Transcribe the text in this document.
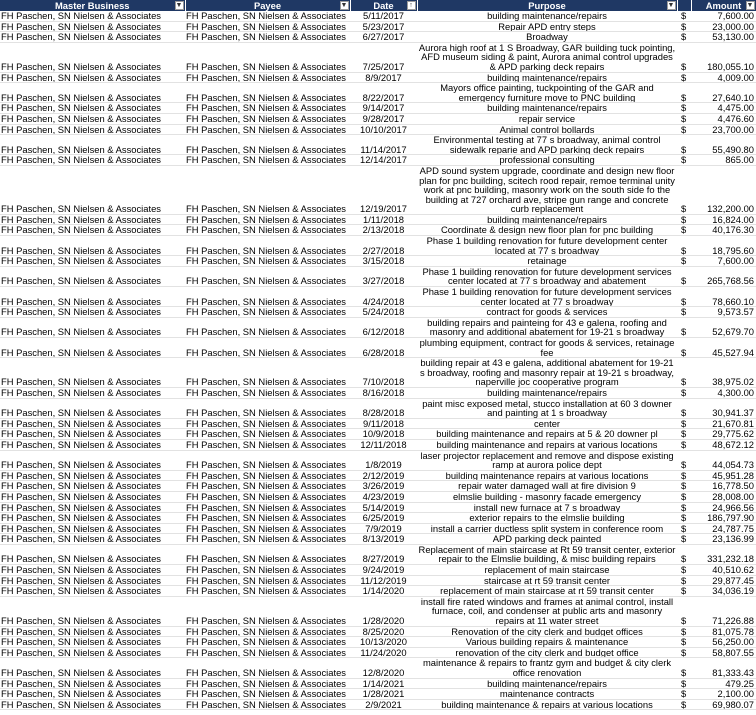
Master Business ▼	Payee ▼	Date ↑	Purpose ▼		Amount ▼

FH Paschen, SN Nielsen & Associates	FH Paschen, SN Nielsen & Associates	5/11/2017	building maintenance/repairs	$	7,600.00
FH Paschen, SN Nielsen & Associates	FH Paschen, SN Nielsen & Associates	5/23/2017	Repair APD entry steps	$	23,000.00
FH Paschen, SN Nielsen & Associates	FH Paschen, SN Nielsen & Associates	6/27/2017	Broadway	$	53,130.00
FH Paschen, SN Nielsen & Associates	FH Paschen, SN Nielsen & Associates	7/25/2017	Aurora high roof at 1 S Broadway, GAR building tuck pointing, AFD museum siding & paint, Aurora animal control upgrades & APD parking deck repairs	$	180,055.10
FH Paschen, SN Nielsen & Associates	FH Paschen, SN Nielsen & Associates	8/9/2017	building maintenance/repairs	$	4,009.00
FH Paschen, SN Nielsen & Associates	FH Paschen, SN Nielsen & Associates	8/22/2017	Mayors office painting, tuckpointing of the GAR and emergency furniture move to PNC building	$	27,640.10
FH Paschen, SN Nielsen & Associates	FH Paschen, SN Nielsen & Associates	9/14/2017	building maintenance/repairs	$	4,475.00
FH Paschen, SN Nielsen & Associates	FH Paschen, SN Nielsen & Associates	9/28/2017	repair service	$	4,476.60
FH Paschen, SN Nielsen & Associates	FH Paschen, SN Nielsen & Associates	10/10/2017	Animal control bollards	$	23,700.00
FH Paschen, SN Nielsen & Associates	FH Paschen, SN Nielsen & Associates	11/14/2017	Environmental testing at 77 s broadway, animal control sidewalk reparie and APD parking deck repairs	$	55,490.80
FH Paschen, SN Nielsen & Associates	FH Paschen, SN Nielsen & Associates	12/14/2017	professional consulting	$	865.00
FH Paschen, SN Nielsen & Associates	FH Paschen, SN Nielsen & Associates	12/19/2017	APD sound system upgrade, coordinate and design new floor plan for pnc building, scitech rood repair, remoe terminal unity work at pnc building, masonry work on the south side fo the building at 727 orchard ave, stripe gun range and concrete curb replacement	$	132,200.00
FH Paschen, SN Nielsen & Associates	FH Paschen, SN Nielsen & Associates	1/11/2018	building maintenance/repairs	$	16,824.00
FH Paschen, SN Nielsen & Associates	FH Paschen, SN Nielsen & Associates	2/13/2018	Coordinate & design new floor plan for pnc building	$	40,176.30
FH Paschen, SN Nielsen & Associates	FH Paschen, SN Nielsen & Associates	2/27/2018	Phase 1 building renovation for future development center located at 77 s broadway	$	18,795.60
FH Paschen, SN Nielsen & Associates	FH Paschen, SN Nielsen & Associates	3/15/2018	retainage	$	7,600.00
FH Paschen, SN Nielsen & Associates	FH Paschen, SN Nielsen & Associates	3/27/2018	Phase 1 building renovation for future development services center located at 77 s broadway and abatement	$	265,768.56
FH Paschen, SN Nielsen & Associates	FH Paschen, SN Nielsen & Associates	4/24/2018	Phase 1 building renovation for future development services center located at 77 s broadway	$	78,660.10
FH Paschen, SN Nielsen & Associates	FH Paschen, SN Nielsen & Associates	5/24/2018	contract for goods & services	$	9,573.57
FH Paschen, SN Nielsen & Associates	FH Paschen, SN Nielsen & Associates	6/12/2018	building repairs and painteing for 43 e galena, roofing and masonry and additional abatement for 19-21 s broadway	$	52,679.70
FH Paschen, SN Nielsen & Associates	FH Paschen, SN Nielsen & Associates	6/28/2018	plumbing equipment, contract for goods & services, retainage fee	$	45,527.94
FH Paschen, SN Nielsen & Associates	FH Paschen, SN Nielsen & Associates	7/10/2018	building repair at 43 e galena, additional abatement for 19-21 s broadway, roofing and masonry repair at 19-21 s broadway, naperville joc cooperative program	$	38,975.02
FH Paschen, SN Nielsen & Associates	FH Paschen, SN Nielsen & Associates	8/16/2018	building maintenance/repairs	$	4,300.00
FH Paschen, SN Nielsen & Associates	FH Paschen, SN Nielsen & Associates	8/28/2018	paint misc exposed metal, stucco installation at 60 3 downer and painting at 1 s broadway	$	30,941.37
FH Paschen, SN Nielsen & Associates	FH Paschen, SN Nielsen & Associates	9/11/2018	center	$	21,670.81
FH Paschen, SN Nielsen & Associates	FH Paschen, SN Nielsen & Associates	10/9/2018	building maintenance and repairs at 5 & 20 downer pl	$	29,775.62
FH Paschen, SN Nielsen & Associates	FH Paschen, SN Nielsen & Associates	12/11/2018	building maintenance and repairs at various locations	$	48,672.12
FH Paschen, SN Nielsen & Associates	FH Paschen, SN Nielsen & Associates	1/8/2019	laser projector replacement and remove and dispose existing ramp at aurora police dept	$	44,054.73
FH Paschen, SN Nielsen & Associates	FH Paschen, SN Nielsen & Associates	2/12/2019	building maintenance repairs at various locations	$	45,951.28
FH Paschen, SN Nielsen & Associates	FH Paschen, SN Nielsen & Associates	3/26/2019	repair water damaged wall at fire division 9	$	16,778.50
FH Paschen, SN Nielsen & Associates	FH Paschen, SN Nielsen & Associates	4/23/2019	elmslie building - masonry facade emergency	$	28,008.00
FH Paschen, SN Nielsen & Associates	FH Paschen, SN Nielsen & Associates	5/14/2019	install new furnace at 7 s broadway	$	24,966.56
FH Paschen, SN Nielsen & Associates	FH Paschen, SN Nielsen & Associates	6/25/2019	exterior repairs to the elmslie building	$	186,797.90
FH Paschen, SN Nielsen & Associates	FH Paschen, SN Nielsen & Associates	7/9/2019	install a carrier ductless split system in conference room	$	24,787.75
FH Paschen, SN Nielsen & Associates	FH Paschen, SN Nielsen & Associates	8/13/2019	APD parking deck painted	$	23,136.99
FH Paschen, SN Nielsen & Associates	FH Paschen, SN Nielsen & Associates	8/27/2019	Replacement of main staircase at Rt 59 transit center, exterior repair to the Elmslie building, & misc building repairs	$	331,232.18
FH Paschen, SN Nielsen & Associates	FH Paschen, SN Nielsen & Associates	9/24/2019	replacement of main staircase	$	40,510.62
FH Paschen, SN Nielsen & Associates	FH Paschen, SN Nielsen & Associates	11/12/2019	staircase at rt 59 transit center	$	29,877.45
FH Paschen, SN Nielsen & Associates	FH Paschen, SN Nielsen & Associates	1/14/2020	replacement of main staircase at rt 59 transit center	$	34,036.19
FH Paschen, SN Nielsen & Associates	FH Paschen, SN Nielsen & Associates	1/28/2020	install fire rated windows and frames at animal control, install furnace, coil, and condenser at public arts and masonry repairs at 11 water street	$	71,226.88
FH Paschen, SN Nielsen & Associates	FH Paschen, SN Nielsen & Associates	8/25/2020	Renovation of the city clerk and budget offices	$	81,075.78
FH Paschen, SN Nielsen & Associates	FH Paschen, SN Nielsen & Associates	10/13/2020	Various building repairs & maintenance	$	56,250.00
FH Paschen, SN Nielsen & Associates	FH Paschen, SN Nielsen & Associates	11/24/2020	renovation of the city clerk and budget office	$	58,807.55
FH Paschen, SN Nielsen & Associates	FH Paschen, SN Nielsen & Associates	12/8/2020	maintenance & repairs to frantz gym and budget & city clerk office renovation	$	81,333.43
FH Paschen, SN Nielsen & Associates	FH Paschen, SN Nielsen & Associates	1/14/2021	building maintenance/repairs	$	479.25
FH Paschen, SN Nielsen & Associates	FH Paschen, SN Nielsen & Associates	1/28/2021	maintenance contracts	$	2,100.00
FH Paschen, SN Nielsen & Associates	FH Paschen, SN Nielsen & Associates	2/9/2021	building maintenance & repairs at various locations	$	69,980.07
